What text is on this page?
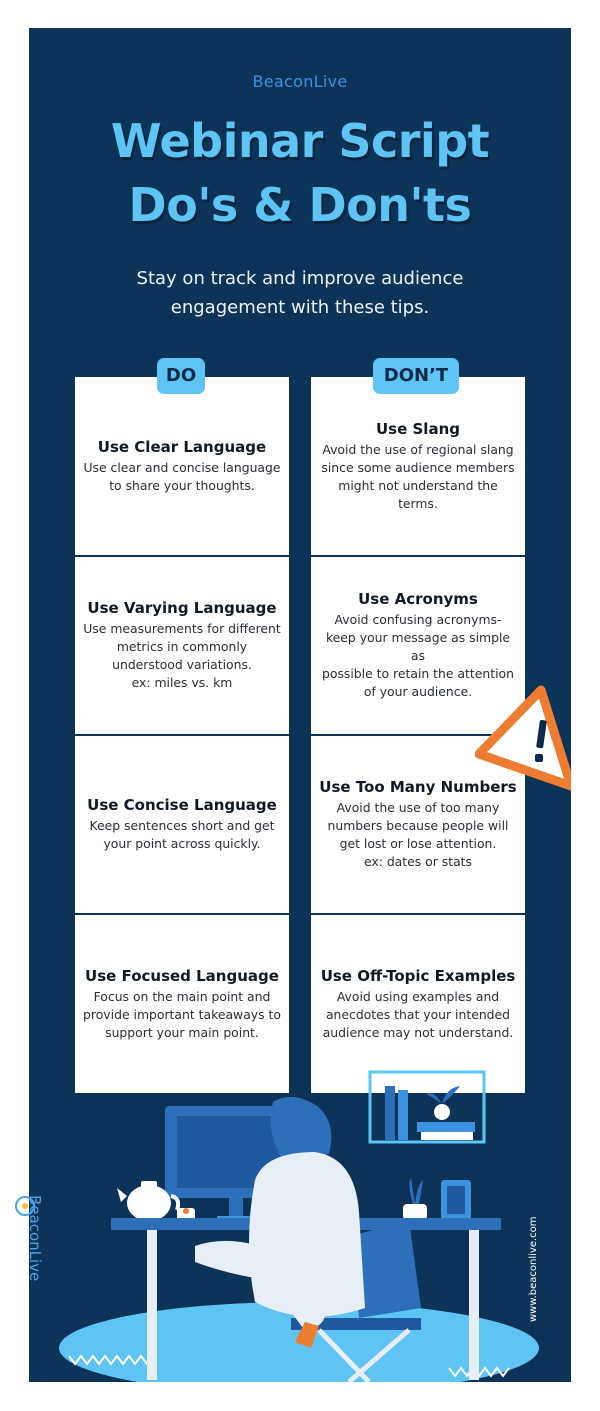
BeaconLive
Webinar Script
Do's & Don'ts
Stay on track and improve audience
engagement with these tips.
DO	DON’T
Use Clear Language
Use clear and concise language
to share your thoughts.
Use Varying Language
Use measurements for different
metrics in commonly
understood variations.
ex: miles vs. km
Use Concise Language
Keep sentences short and get
your point across quickly.
Use Focused Language
Focus on the main point and
provide important takeaways to
support your main point.
Use Slang
Avoid the use of regional slang
since some audience members
might not understand the terms.
Use Acronyms
Avoid confusing acronyms-
keep your message as simple as
possible to retain the attention
of your audience.
Use Too Many Numbers
Avoid the use of too many
numbers because people will
get lost or lose attention.
ex: dates or stats
Use Off-Topic Examples
Avoid using examples and
anecdotes that your intended
audience may not understand.
BeaconLive	www.beaconlive.com
